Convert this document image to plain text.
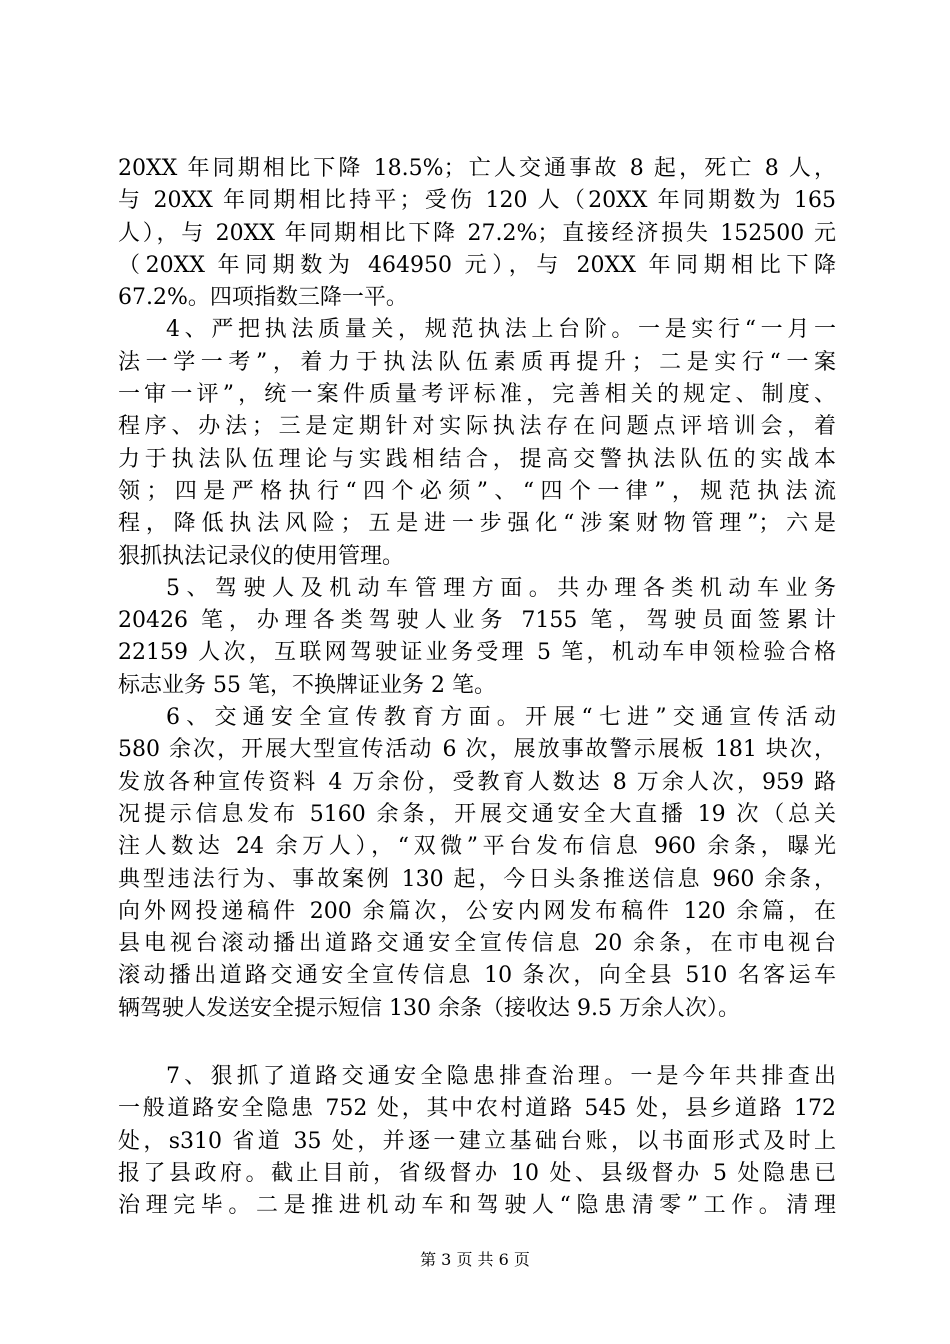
20XX 年同期相比下降 18.5%；亡人交通事故 8 起，死亡 8 人，
与 20XX 年同期相比持平；受伤 120 人（20XX 年同期数为 165
人），与 20XX 年同期相比下降 27.2%；直接经济损失 152500 元
（20XX 年同期数为 464950 元），与 20XX 年同期相比下降
67.2%。四项指数三降一平。
4、严把执法质量关，规范执法上台阶。一是实行“一月一
法一学一考”，着力于执法队伍素质再提升；二是实行“一案
一审一评”，统一案件质量考评标准，完善相关的规定、制度、
程序、办法；三是定期针对实际执法存在问题点评培训会，着
力于执法队伍理论与实践相结合，提高交警执法队伍的实战本
领；四是严格执行“四个必须”、“四个一律”，规范执法流
程，降低执法风险；五是进一步强化“涉案财物管理”；六是
狠抓执法记录仪的使用管理。
5、驾驶人及机动车管理方面。共办理各类机动车业务
20426 笔，办理各类驾驶人业务 7155 笔，驾驶员面签累计
22159 人次，互联网驾驶证业务受理 5 笔，机动车申领检验合格
标志业务 55 笔，不换牌证业务 2 笔。
6、交通安全宣传教育方面。开展“七进”交通宣传活动
580 余次，开展大型宣传活动 6 次，展放事故警示展板 181 块次，
发放各种宣传资料 4 万余份，受教育人数达 8 万余人次，959 路
况提示信息发布 5160 余条，开展交通安全大直播 19 次（总关
注人数达 24 余万人），“双微”平台发布信息 960 余条，曝光
典型违法行为、事故案例 130 起，今日头条推送信息 960 余条，
向外网投递稿件 200 余篇次，公安内网发布稿件 120 余篇，在
县电视台滚动播出道路交通安全宣传信息 20 余条，在市电视台
滚动播出道路交通安全宣传信息 10 条次，向全县 510 名客运车
辆驾驶人发送安全提示短信 130 余条（接收达 9.5 万余人次）。
7、狠抓了道路交通安全隐患排查治理。一是今年共排查出
一般道路安全隐患 752 处，其中农村道路 545 处，县乡道路 172
处，s310 省道 35 处，并逐一建立基础台账，以书面形式及时上
报了县政府。截止目前，省级督办 10 处、县级督办 5 处隐患已
治理完毕。二是推进机动车和驾驶人“隐患清零”工作。清理
第 3 页 共 6 页
